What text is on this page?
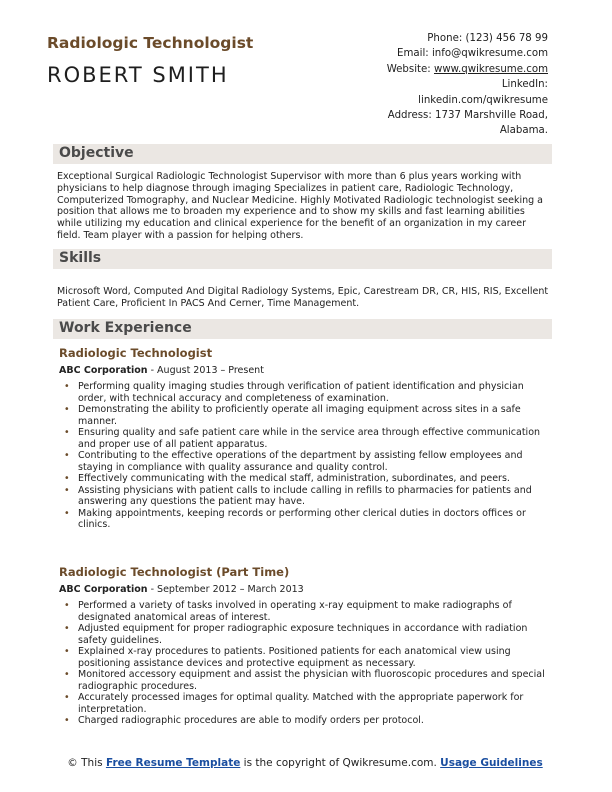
Radiologic Technologist
ROBERT SMITH
Phone: (123) 456 78 99
Email: info@qwikresume.com
Website: www.qwikresume.com
LinkedIn:
linkedin.com/qwikresume
Address: 1737 Marshville Road,
Alabama.
Objective
Exceptional Surgical Radiologic Technologist Supervisor with more than 6 plus years working with physicians to help diagnose through imaging Specializes in patient care, Radiologic Technology, Computerized Tomography, and Nuclear Medicine. Highly Motivated Radiologic technologist seeking a position that allows me to broaden my experience and to show my skills and fast learning abilities while utilizing my education and clinical experience for the benefit of an organization in my career field. Team player with a passion for helping others.
Skills
Microsoft Word, Computed And Digital Radiology Systems, Epic, Carestream DR, CR, HIS, RIS, Excellent Patient Care, Proficient In PACS And Cerner, Time Management.
Work Experience
Radiologic Technologist
ABC Corporation - August 2013 – Present
• Performing quality imaging studies through verification of patient identification and physician order, with technical accuracy and completeness of examination.
• Demonstrating the ability to proficiently operate all imaging equipment across sites in a safe manner.
• Ensuring quality and safe patient care while in the service area through effective communication and proper use of all patient apparatus.
• Contributing to the effective operations of the department by assisting fellow employees and staying in compliance with quality assurance and quality control.
• Effectively communicating with the medical staff, administration, subordinates, and peers.
• Assisting physicians with patient calls to include calling in refills to pharmacies for patients and answering any questions the patient may have.
• Making appointments, keeping records or performing other clerical duties in doctors offices or clinics.
Radiologic Technologist (Part Time)
ABC Corporation - September 2012 – March 2013
• Performed a variety of tasks involved in operating x-ray equipment to make radiographs of designated anatomical areas of interest.
• Adjusted equipment for proper radiographic exposure techniques in accordance with radiation safety guidelines.
• Explained x-ray procedures to patients. Positioned patients for each anatomical view using positioning assistance devices and protective equipment as necessary.
• Monitored accessory equipment and assist the physician with fluoroscopic procedures and special radiographic procedures.
• Accurately processed images for optimal quality. Matched with the appropriate paperwork for interpretation.
• Charged radiographic procedures are able to modify orders per protocol.
© This Free Resume Template is the copyright of Qwikresume.com. Usage Guidelines
